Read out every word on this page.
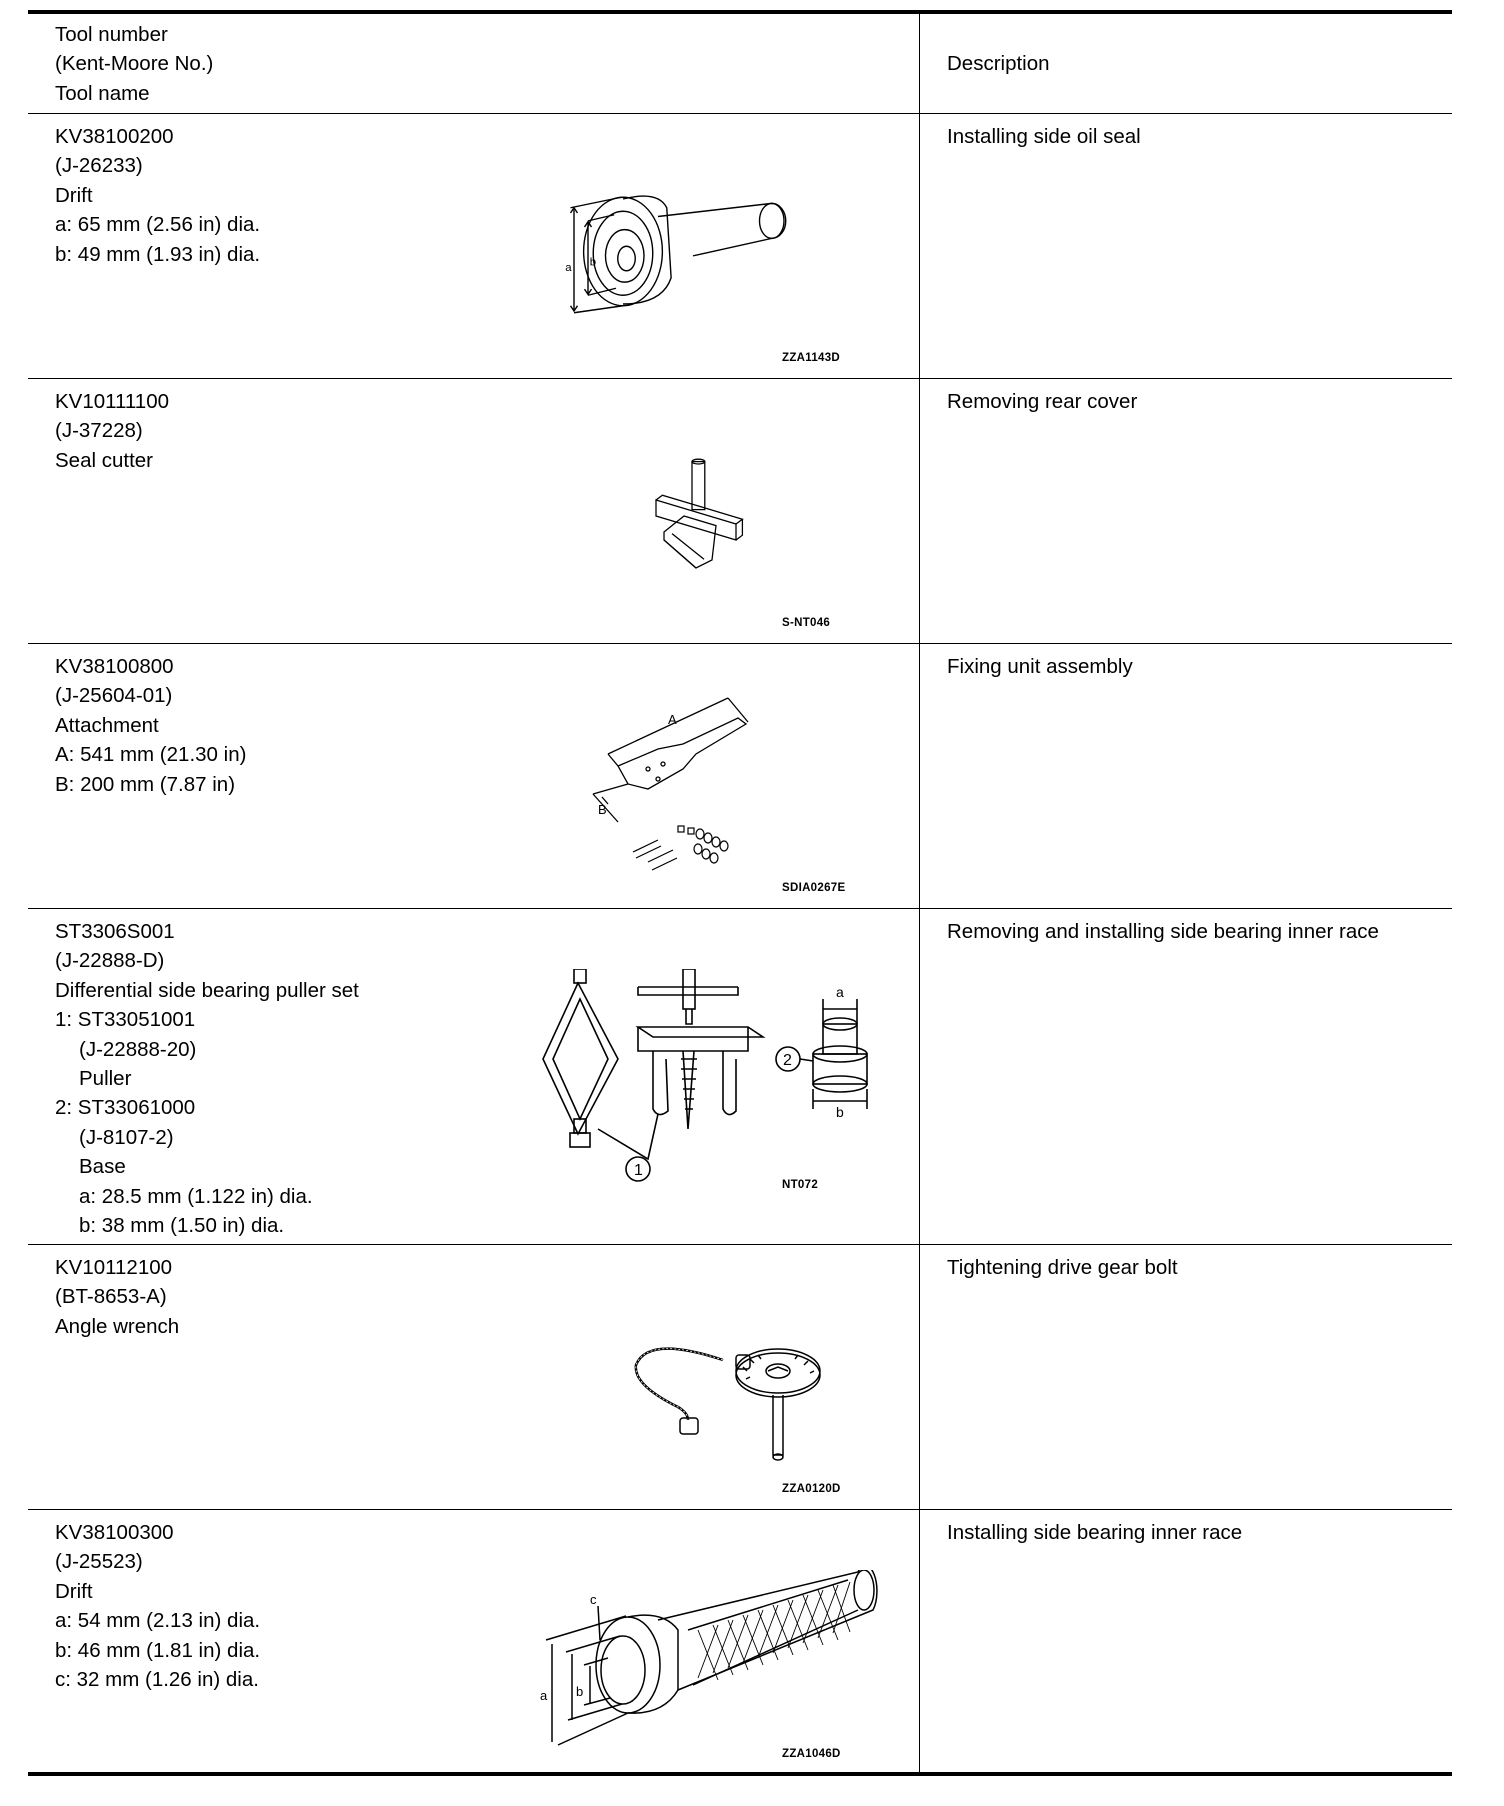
Tool number
(Kent-Moore No.)
Tool name
Description
KV38100200
(J-26233)
Drift
a: 65 mm (2.56 in) dia.
b: 49 mm (1.93 in) dia.
a b
ZZA1143D
Installing side oil seal
KV10111100
(J-37228)
Seal cutter
S-NT046
Removing rear cover
KV38100800
(J-25604-01)
Attachment
A: 541 mm (21.30 in)
B: 200 mm (7.87 in)
A
B
SDIA0267E
Fixing unit assembly
ST3306S001
(J-22888-D)
Differential side bearing puller set
1: ST33051001
(J-22888-20)
Puller
2: ST33061000
(J-8107-2)
Base
a: 28.5 mm (1.122 in) dia.
b: 38 mm (1.50 in) dia.
1
2
a
b
NT072
Removing and installing side bearing inner race
KV10112100
(BT-8653-A)
Angle wrench
ZZA0120D
Tightening drive gear bolt
KV38100300
(J-25523)
Drift
a: 54 mm (2.13 in) dia.
b: 46 mm (1.81 in) dia.
c: 32 mm (1.26 in) dia.
a b
c
ZZA1046D
Installing side bearing inner race
